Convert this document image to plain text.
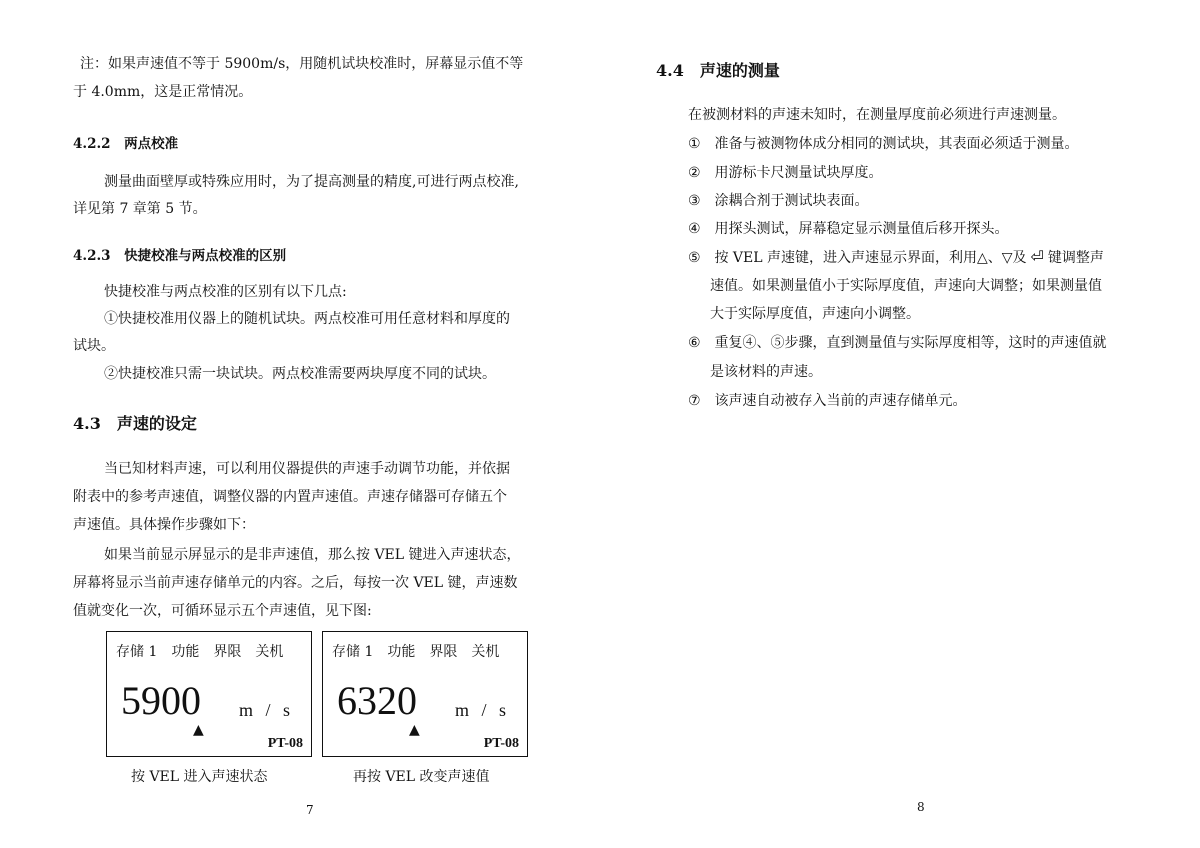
注：如果声速值不等于 5900m/s，用随机试块校准时，屏幕显示值不等
于 4.0mm，这是正常情况。
4.2.2　两点校准
测量曲面壁厚或特殊应用时，为了提高测量的精度,可进行两点校准,
详见第 7 章第 5 节。
4.2.3　快捷校准与两点校准的区别
快捷校准与两点校准的区别有以下几点:
①快捷校准用仪器上的随机试块。两点校准可用任意材料和厚度的
试块。
②快捷校准只需一块试块。两点校准需要两块厚度不同的试块。
4.3　声速的设定
当已知材料声速，可以利用仪器提供的声速手动调节功能，并依据
附表中的参考声速值，调整仪器的内置声速值。声速存储器可存储五个
声速值。具体操作步骤如下：
如果当前显示屏显示的是非声速值，那么按 VEL 键进入声速状态，
屏幕将显示当前声速存储单元的内容。之后，每按一次 VEL 键，声速数
值就变化一次，可循环显示五个声速值，见下图:
存储 1　功能　界限　关机
5900 m / s
▲
PT-08
按 VEL 进入声速状态
存储 1　功能　界限　关机
6320 m / s
▲
PT-08
再按 VEL 改变声速值
7
4.4　声速的测量
在被测材料的声速未知时，在测量厚度前必须进行声速测量。
① 准备与被测物体成分相同的测试块，其表面必须适于测量。
② 用游标卡尺测量试块厚度。
③ 涂耦合剂于测试块表面。
④ 用探头测试，屏幕稳定显示测量值后移开探头。
⑤ 按 VEL 声速键，进入声速显示界面，利用△、▽及 ⏎ 键调整声
速值。如果测量值小于实际厚度值，声速向大调整；如果测量值
大于实际厚度值，声速向小调整。
⑥ 重复④、⑤步骤，直到测量值与实际厚度相等，这时的声速值就
是该材料的声速。
⑦ 该声速自动被存入当前的声速存储单元。
8
